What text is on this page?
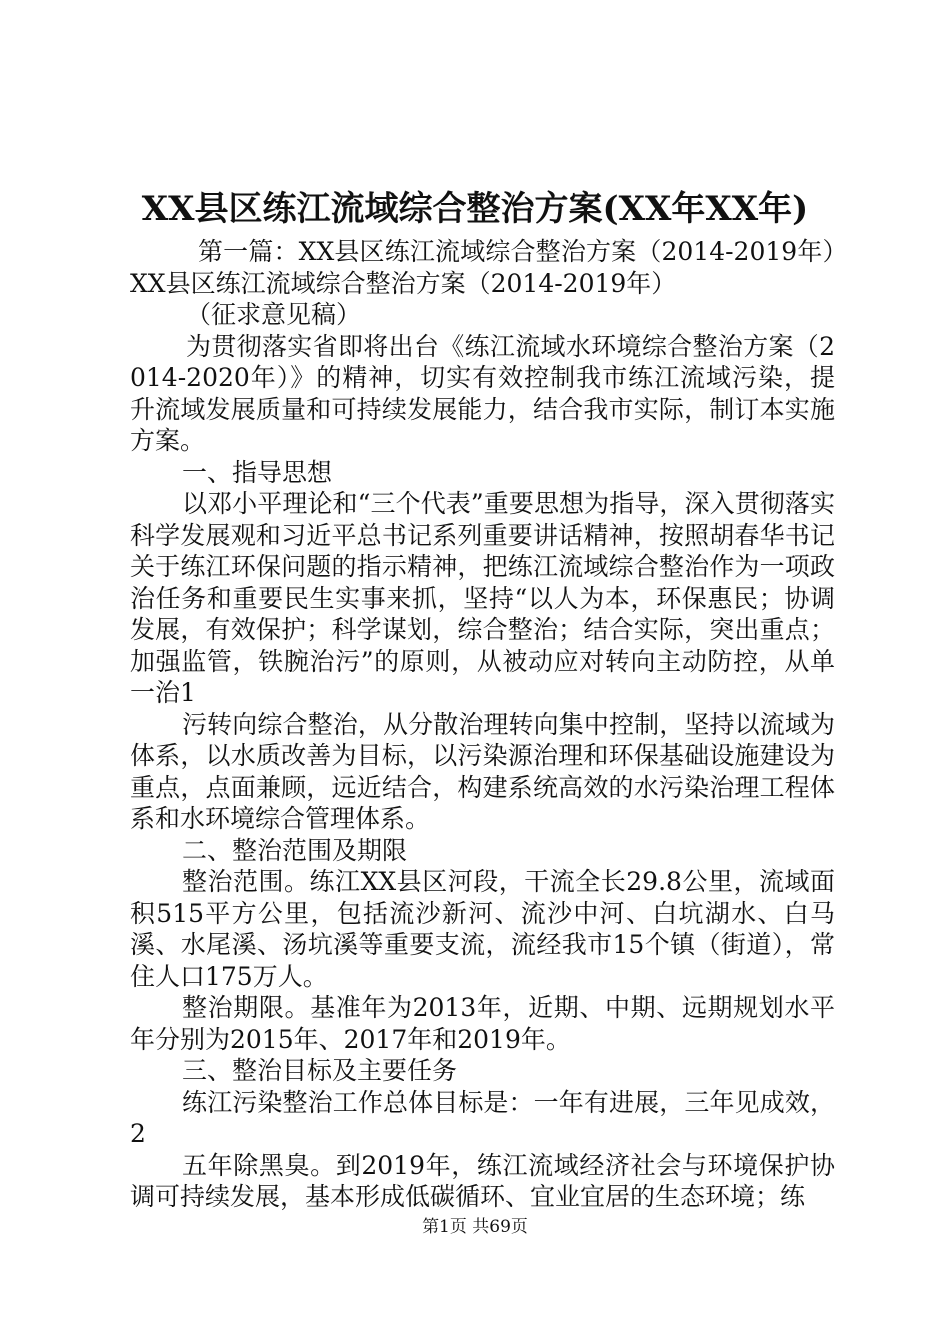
XX县区练江流域综合整治方案(XX年XX年)

第一篇：XX县区练江流域综合整治方案（2014-2019年）XX县区练江流域综合整治方案（2014-2019年）

（征求意见稿）

为贯彻落实省即将出台《练江流域水环境综合整治方案（2014-2020年）》的精神，切实有效控制我市练江流域污染，提升流域发展质量和可持续发展能力，结合我市实际，制订本实施方案。

一、指导思想

以邓小平理论和“三个代表”重要思想为指导，深入贯彻落实科学发展观和习近平总书记系列重要讲话精神，按照胡春华书记关于练江环保问题的指示精神，把练江流域综合整治作为一项政治任务和重要民生实事来抓，坚持“以人为本，环保惠民；协调发展，有效保护；科学谋划，综合整治；结合实际，突出重点；加强监管，铁腕治污”的原则，从被动应对转向主动防控，从单一治1

污转向综合整治，从分散治理转向集中控制，坚持以流域为体系，以水质改善为目标，以污染源治理和环保基础设施建设为重点，点面兼顾，远近结合，构建系统高效的水污染治理工程体系和水环境综合管理体系。

二、整治范围及期限

整治范围。练江XX县区河段，干流全长29.8公里，流域面积515平方公里，包括流沙新河、流沙中河、白坑湖水、白马溪、水尾溪、汤坑溪等重要支流，流经我市15个镇（街道），常住人口175万人。

整治期限。基准年为2013年，近期、中期、远期规划水平年分别为2015年、2017年和2019年。

三、整治目标及主要任务

练江污染整治工作总体目标是：一年有进展，三年见成效，2

五年除黑臭。到2019年，练江流域经济社会与环境保护协调可持续发展，基本形成低碳循环、宜业宜居的生态环境；练

第1页 共69页
